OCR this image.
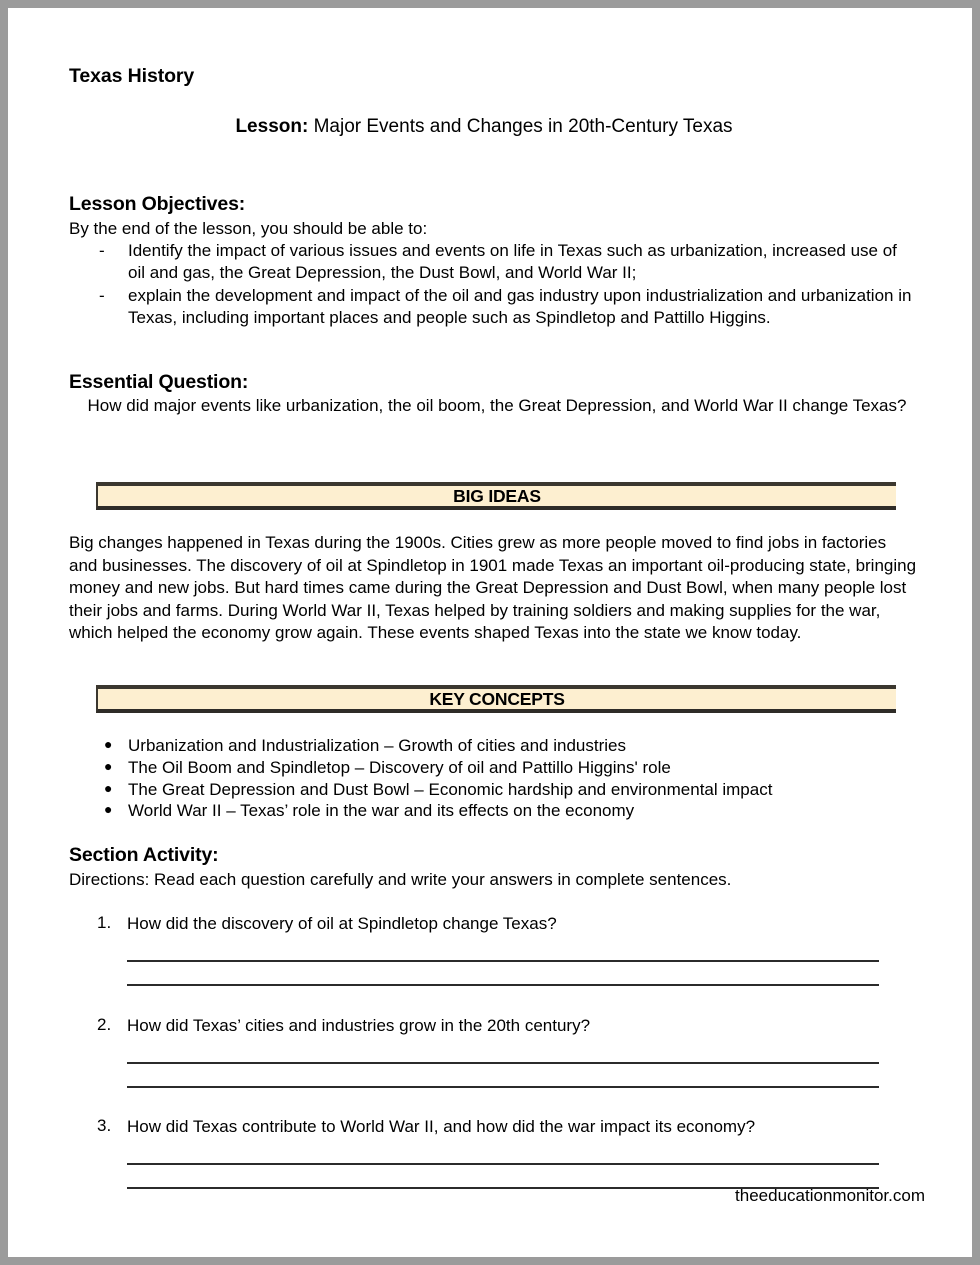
Texas History
Lesson: Major Events and Changes in 20th-Century Texas
Lesson Objectives:
By the end of the lesson, you should be able to:
- Identify the impact of various issues and events on life in Texas such as urbanization, increased use of oil and gas, the Great Depression, the Dust Bowl, and World War II;
- explain the development and impact of the oil and gas industry upon industrialization and urbanization in Texas, including important places and people such as Spindletop and Pattillo Higgins.
Essential Question:
How did major events like urbanization, the oil boom, the Great Depression, and World War II change Texas?
BIG IDEAS
Big changes happened in Texas during the 1900s. Cities grew as more people moved to find jobs in factories and businesses. The discovery of oil at Spindletop in 1901 made Texas an important oil-producing state, bringing money and new jobs. But hard times came during the Great Depression and Dust Bowl, when many people lost their jobs and farms. During World War II, Texas helped by training soldiers and making supplies for the war, which helped the economy grow again. These events shaped Texas into the state we know today.
KEY CONCEPTS
● Urbanization and Industrialization – Growth of cities and industries
● The Oil Boom and Spindletop – Discovery of oil and Pattillo Higgins' role
● The Great Depression and Dust Bowl – Economic hardship and environmental impact
● World War II – Texas’ role in the war and its effects on the economy
Section Activity:
Directions: Read each question carefully and write your answers in complete sentences.
1. How did the discovery of oil at Spindletop change Texas?
2. How did Texas’ cities and industries grow in the 20th century?
3. How did Texas contribute to World War II, and how did the war impact its economy?
theeducationmonitor.com
